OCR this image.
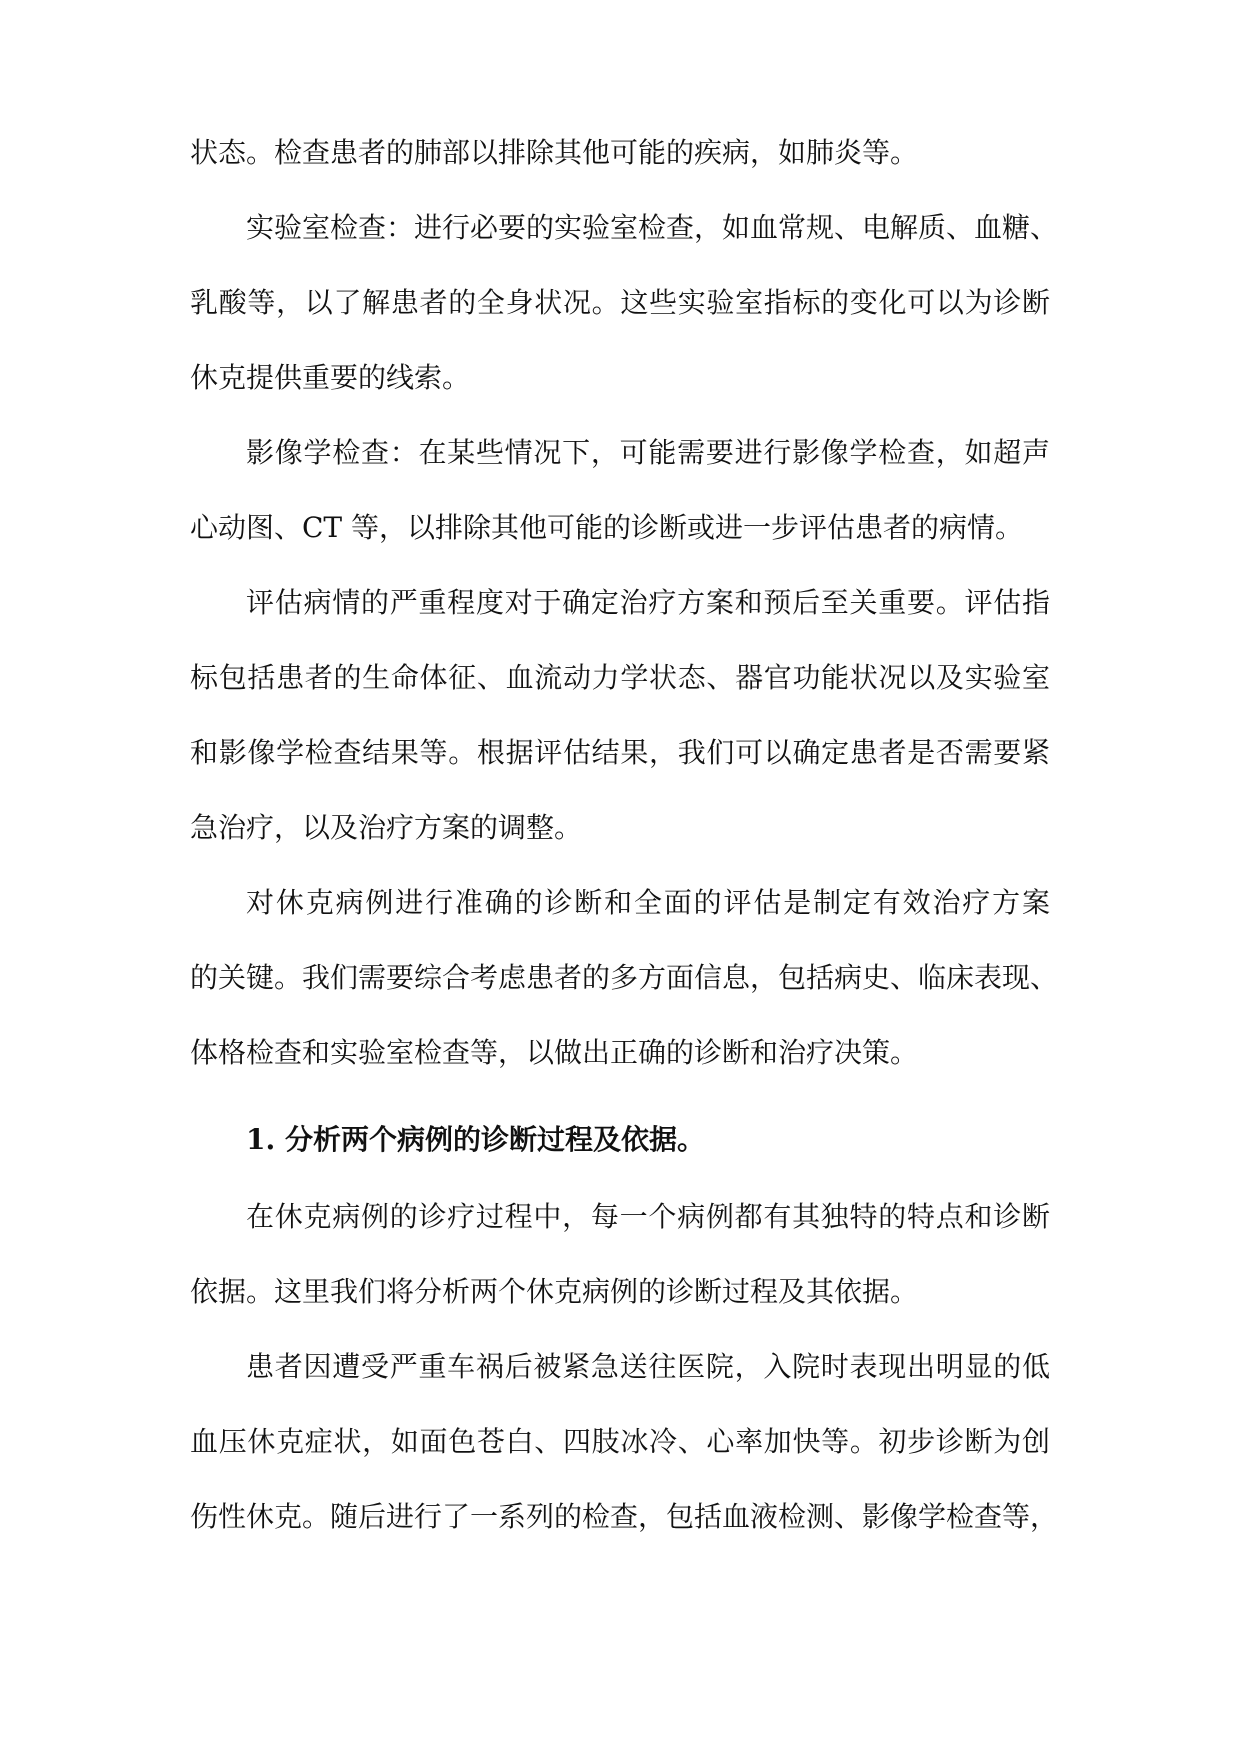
状态。检查患者的肺部以排除其他可能的疾病，如肺炎等。
实验室检查：进行必要的实验室检查，如血常规、电解质、血糖、
乳酸等，以了解患者的全身状况。这些实验室指标的变化可以为诊断
休克提供重要的线索。
影像学检查：在某些情况下，可能需要进行影像学检查，如超声
心动图、CT 等，以排除其他可能的诊断或进一步评估患者的病情。
评估病情的严重程度对于确定治疗方案和预后至关重要。评估指
标包括患者的生命体征、血流动力学状态、器官功能状况以及实验室
和影像学检查结果等。根据评估结果，我们可以确定患者是否需要紧
急治疗，以及治疗方案的调整。
对休克病例进行准确的诊断和全面的评估是制定有效治疗方案
的关键。我们需要综合考虑患者的多方面信息，包括病史、临床表现、
体格检查和实验室检查等，以做出正确的诊断和治疗决策。
1. 分析两个病例的诊断过程及依据。
在休克病例的诊疗过程中，每一个病例都有其独特的特点和诊断
依据。这里我们将分析两个休克病例的诊断过程及其依据。
患者因遭受严重车祸后被紧急送往医院，入院时表现出明显的低
血压休克症状，如面色苍白、四肢冰冷、心率加快等。初步诊断为创
伤性休克。随后进行了一系列的检查，包括血液检测、影像学检查等，
